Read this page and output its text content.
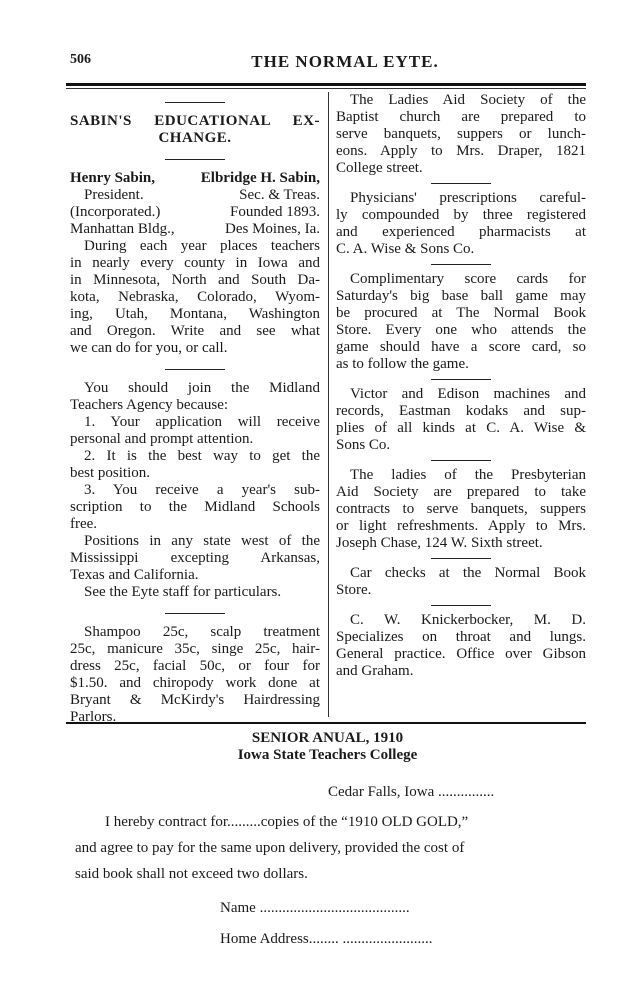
506	THE NORMAL EYTE.
SABIN'S EDUCATIONAL EX-
CHANGE.
Henry Sabin,	Elbridge H. Sabin,
President.	Sec. & Treas.
(Incorporated.)	Founded 1893.
Manhattan Bldg.,	Des Moines, Ia.
During each year places teachers
in nearly every county in Iowa and
in Minnesota, North and South Da-
kota, Nebraska, Colorado, Wyom-
ing, Utah, Montana, Washington
and Oregon. Write and see what
we can do for you, or call.
You should join the Midland
Teachers Agency because:
1. Your application will receive
personal and prompt attention.
2. It is the best way to get the
best position.
3. You receive a year's sub-
scription to the Midland Schools
free.
Positions in any state west of the
Mississippi excepting Arkansas,
Texas and California.
See the Eyte staff for particulars.
Shampoo 25c, scalp treatment
25c, manicure 35c, singe 25c, hair-
dress 25c, facial 50c, or four for
$1.50. and chiropody work done at
Bryant & McKirdy's Hairdressing
Parlors.
The Ladies Aid Society of the
Baptist church are prepared to
serve banquets, suppers or lunch-
eons. Apply to Mrs. Draper, 1821
College street.
Physicians' prescriptions careful-
ly compounded by three registered
and experienced pharmacists at
C. A. Wise & Sons Co.
Complimentary score cards for
Saturday's big base ball game may
be procured at The Normal Book
Store. Every one who attends the
game should have a score card, so
as to follow the game.
Victor and Edison machines and
records, Eastman kodaks and sup-
plies of all kinds at C. A. Wise &
Sons Co.
The ladies of the Presbyterian
Aid Society are prepared to take
contracts to serve banquets, suppers
or light refreshments. Apply to Mrs.
Joseph Chase, 124 W. Sixth street.
Car checks at the Normal Book
Store.
C. W. Knickerbocker, M. D.
Specializes on throat and lungs.
General practice. Office over Gibson
and Graham.
SENIOR ANUAL, 1910
Iowa State Teachers College
Cedar Falls, Iowa ...............
I hereby contract for.........copies of the “1910 OLD GOLD,”
and agree to pay for the same upon delivery, provided the cost of
said book shall not exceed two dollars.
Name ........................................
Home Address........ ........................
